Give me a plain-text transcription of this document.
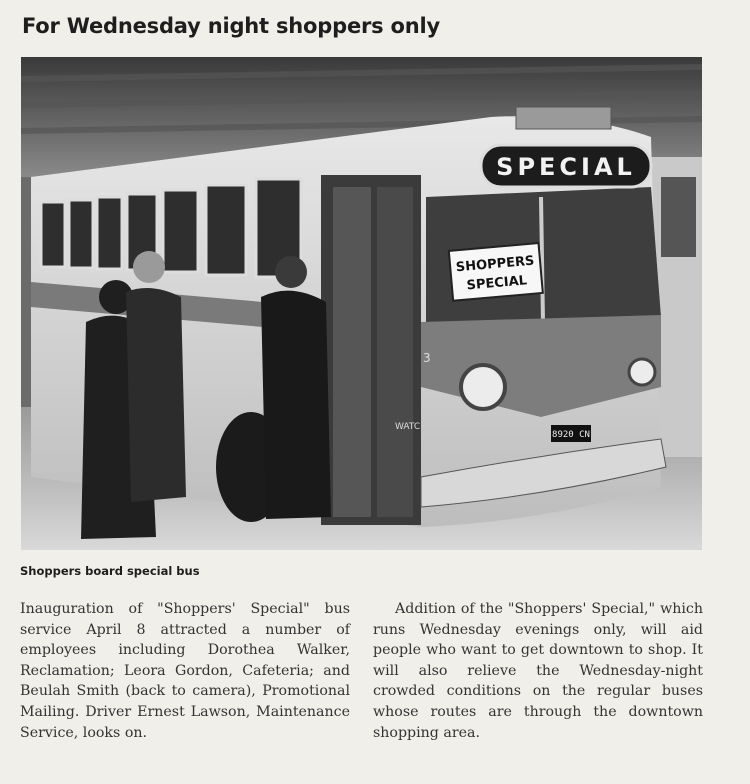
For Wednesday night shoppers only
WATC
SPECIAL
SHOPPERS
SPECIAL
3
8920 CN
Shoppers board special bus

Inauguration of "Shoppers' Special" bus service April 8 attracted a number of employees including Dorothea Walker, Reclamation; Leora Gordon, Cafeteria; and Beulah Smith (back to camera), Promotional Mailing. Driver Ernest Lawson, Maintenance Service, looks on.

Addition of the "Shoppers' Special," which runs Wednesday evenings only, will aid people who want to get downtown to shop. It will also relieve the Wednesday-night crowded conditions on the regular buses whose routes are through the downtown shopping area.
